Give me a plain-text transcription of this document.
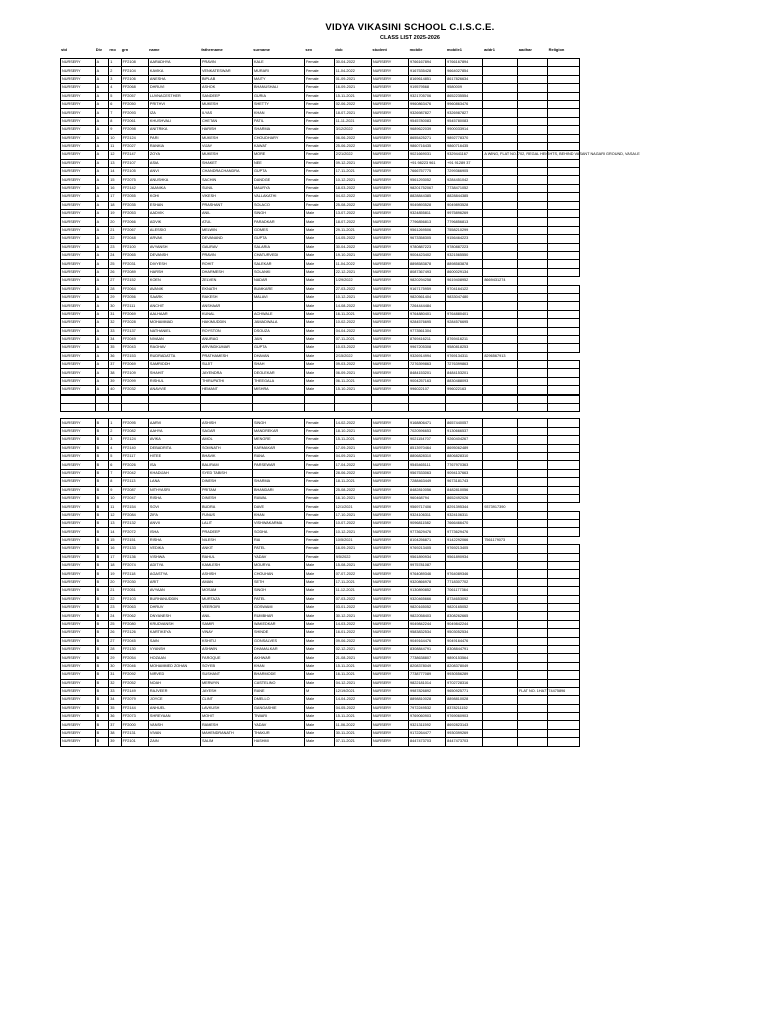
VIDYA VIKASINI SCHOOL C.I.S.C.E.
CLASS LIST 2025-2026
std	Div	rno	grn	name	fathername	surname	sex	dob	student	mobile	mobile1	addr1	aadhar	Religion
NURSERY	A	1	FF2108	AARADHYA	PRAVIN	KALE	Female	30-04-2022	NURSERY	9766167894	9766167894			
NURSERY	A	2	FF2104	KAVIKA	VENKATESWAR	MURARI	Female	11-04-2022	NURSERY	9167535428	9664027854			
NURSERY	A	3	FF2106	ANESHA	BIPLAB	MAITY	Female	01-09-2021	NURSERY	8169614851	8617826634			
NURSERY	A	4	FF2068	DHRUVI	ASHOK	BHANUSHALI	Female	16-09-2021	NURSERY	919579568	9580009			
NURSERY	A	5	FF2057	LUVNACESTHER	SANDEEP	GURIA	Female	15-11-2021	NURSERY	9321705706	8652235554			
NURSERY	A	6	FF2050	PRITHVI	MUKESH	SHETTY	Female	02-06-2022	NURSERY	9960863476	9960863476			
NURSERY	A	7	FF2093	IZA	ILYAS	KHAN	Female	18-07-2021	NURSERY	9326987827	9326987827			
NURSERY	A	8	FF2061	KHUSHVALI	CHETAN	PATIL	Female	11-11-2021	NURSERY	9545780083	9545780083			
NURSERY	A	9	FF2098	ANITRIKA	HARISH	SHARMA	Female	3/12/2022	NURSERY	9689622039	9900033914			
NURSERY	A	10	FF2124	PARI	MUKESH	CHOUDHARY	Female	06-06-2022	NURSERY	8655425271	9892778370			
NURSERY	A	11	FF2027	RANKIA	VIJAY	KAWAT	Female	25-06-2022	NURSERY	9860716435	9860716435			
NURSERY	A	12	FF2147	ZOYA	MUKESH	MORE	Female	2/21/2022	NURSERY	9021669031	9329441167	A WING, FLAT NO. 702, REGAL HEIGHTS, BEHIND VASANT NAGARI GROUND, VASAI-E		
NURSERY	A	13	FF2107	ASIA	SHAKET	NEE	Female	09-12-2021	NURSERY	+91 98223 961	+91 91289 37			
NURSERY	A	14	FF2105	ANVI	CHANDRACHANDRA	GUPTA	Female	17-11-2021	NURSERY	7666757775	7299366905			
NURSERY	A	15	FF2075	ANUSHKA	SACHIN	DANDGE	Female	10-12-2021	NURSERY	9561293052	9284451042			
NURSERY	A	16	FF2142	JAANIKA	SUNIL	MAURYA	Female	18-03-2022	NURSERY	98201752067	7738471052			
NURSERY	A	17	FF2055	KOHI	VIKESH	VALLAKATHI	Female	04-02-2022	NURSERY	8828844385	8828844385			
NURSERY	A	18	FF2035	ESHAN	PRASHANT	SOLACO	Female	25-08-2022	NURSERY	9049893528	9049893528			
NURSERY	A	19	FF2053	AADVIK	ANIL	SINGH	Male	13-07-2022	NURSERY	9324855811	9975896269			
NURSERY	A	20	FF2066	ADVIK	ATUL	PARADKAR	Male	18-07-2022	NURSERY	7796856813	7796856813			
NURSERY	A	21	FF2067	ALESSIO	MELWIN	GOMES	Male	29-11-2021	NURSERY	9561269506	7558210299			
NURSERY	A	22	FF2048	ARVAK	DEVANAND	GUPTA	Male	14-05-2022	NURSERY	9673358305	9156464223			
NURSERY	A	23	FF2100	AVYANSH	GAURAV	SALARIA	Male	30-04-2022	NURSERY	9780887223	9780887223			
NURSERY	A	24	FF2065	DEVANSH	PRAVIN	CHATURVEDI	Male	19-10-2021	NURSERY	9004423402	9321565550			
NURSERY	A	25	FF2031	DIVYESH	ROHIT	SALEKAR	Male	11-04-2022	NURSERY	8898583878	8898583878			
NURSERY	A	26	FF2089	HARSH	DHARMESH	SOLANKI	Male	22-12-2021	NURSERY	8087367493	8600029134			
NURSERY	A	27	FF2152	KOEN	ZELVEN	NADAR	Male	1/29/2022	NURSERY	9820294258	9619408952	8669431274		
NURSERY	A	28	FF2064	AVANIK	EKNATH	BUMKARE	Male	27-03-2022	NURSERY	9167175959	9704164122			
NURSERY	A	29	FF2056	SAARK	RAKESH	MALAVI	Male	10-12-2021	NURSERY	9820561404	9833047480			
NURSERY	A	30	FF2111	ANCHIT	ANSHAAR		Male	14-08-2022	NURSERY	7264444484				
NURSERY	A	31	FF2069	AALHAAR	KUNAL	ACHWALE	Male	16-11-2021	NURSERY	9764880401	9764880401			
NURSERY	A	32	FF2028	MOHAMMAD	HAKIMUDDIN	JAMADWALA	Male	10-02-2022	NURSERY	9284576695	9284576695			
NURSERY	A	33	FF2137	NATHANIEL	ROYSTON	DSOUZA	Male	04-04-2022	NURSERY	9773561304				
NURSERY	A	34	FF2049	NIVAAN	ANURAG	JAIN	Male	07-11-2021	NURSERY	8769416211	8769416211			
NURSERY	A	35	FF2043	RAGHAV	ARVINDKUMAR	GUPTA	Male	10-03-2022	NURSERY	9967205308	9580818253			
NURSERY	A	36	FF2153	RUDRADATTA	PRATHAMESH	DHAVAN	Male	2/15/2022	NURSERY	9326914994	9769134311	8296567913		
NURSERY	A	37	FF2069	SAMRIDDH	SUJIT	SHAH	Male	09-03-2022	NURSERY	7276399863	7276399863			
NURSERY	A	38	FF2109	SHAHIT	JAYENDRA	DEOLEKAR	Male	06-09-2021	NURSERY	8484153201	8484153201			
NURSERY	A	39	FF2099	RISHUL	THIRUPATHI	THEEGALA	Male	06-11-2021	NURSERY	9004257163	8830488093			
NURSERY	A	40	FF2032	ANAVVIE	HEMANT	MISHRA	Male	15-10-2021	NURSERY	996022107	996022163			

NURSERY	B	1	FF2095	AARVI	ASHISH	SINGH	Female	14-02-2022	NURSERY	9168806471	8657440057			
NURSERY	B	2	FF2082	AAHYA	SAGAR	MANDREKAR	Female	18-10-2021	NURSERY	7020596653	9130666537			
NURSERY	B	3	FF2124	AVIKA	AMOL	MENGRE	Female	15-11-2021	NURSERY	9021154707	9260404267			
NURSERY	B	4	FF2140	DEBADRITA	SOMNATH	KARMAKAR	Female	17-09-2021	NURSERY	8513970464	8695062489			
NURSERY	B	5	FF2117	HITEE	BHAVIK	RANA	Female	04-09-2021	NURSERY	8806828310	8806828310			
NURSERY	B	6	FF2026	ISA	BALIRAM	PARSEWAR	Female	17-04-2022	NURSERY	9545465111	7767970363			
NURSERY	B	7	FF2042	KHADIJAH	SYED TABISH		Female	28-06-2022	NURSERY	9567533063	9094137663			
NURSERY	B	8	FF2113	LANA	DINESH	SHARMA	Female	18-11-2021	NURSERY	7288463449	9673181743			
NURSERY	B	9	FF2087	NITHYASRI	PRITAM	BHANDARI	Female	25-08-2022	NURSERY	8482810056	8482810056			
NURSERY	B	10	FF2047	RISHA	DINESH	RAWAL	Female	16-10-2021	NURSERY	960468794	8652492026			
NURSERY	B	11	FF2154	SOVI	BUDRA	DAVE	Female	12/1/2021	NURSERY	9569717406	8291395344	9373917390		
NURSERY	B	12	FF2084	ZIFA	FUNUS	KHAN	Female	17-10-2021	NURSERY	9324106311	9324106311			
NURSERY	B	13	FF2132	ANVII	LALIT	VISHWAKARMA	Female	10-07-2022	NURSERY	9096811582	7666466470			
NURSERY	B	14	FF2072	ISHA	PRADEEP	SODHA	Female	10-12-2021	NURSERY	9773629476	9773629476			
NURSERY	B	15	FF2151	RISHA	NILESH	RAI	Female	10/5/2021	NURSERY	8104256871	9142292066	7561179073		
NURSERY	B	16	FF2133	VEDIKA	ANKIT	PATEL	Female	16-09-2021	NURSERY	9769213405	9769213405			
NURSERY	B	17	FF2136	VISHWA	RAHUL	YADAV	Female	9/5/2022	NURSERY	9561890934	9561890934			
NURSERY	B	18	FF2074	ADITYA	KAMLESH	MOURYA	Male	15-08-2021	NURSERY	9975781087				
NURSERY	B	19	FF2118	AGASTYA	ASHISH	CHOUHAN	Male	07-07-2022	NURSERY	9764089346	9764089346			
NURSERY	B	20	FF2030	ARIT	AMAN	SETH	Male	17-11-2021	NURSERY	9320866978	7718307702			
NURSERY	B	21	FF2051	AVYAAN	MOSAM	SINGH	Male	11-12-2021	NURSERY	9130890852	7061177364			
NURSERY	B	22	FF2103	BURHANUDDIN	MURTAZA	PATEL	Male	07-03-2022	NURSERY	9320465666	8734653092			
NURSERY	B	23	FF2063	DHRUV	VEERGIRI	GOSWAMI	Male	03-01-2022	NURSERY	9820165052	9820165052			
NURSERY	B	24	FF2062	DNYANESH	ANIL	RUMBHAR	Male	30-12-2021	NURSERY	9822058403	8308262665			
NURSERY	B	25	FF2080	KRUDVANSH	SAMIR	WAKEDKAR	Male	14-03-2022	NURSERY	9049842244	9049842244			
NURSERY	B	26	FF2126	KARTIKEYA	VINAY	SHINDE	Male	16-01-2022	NURSERY	9583832534	9503052534			
NURSERY	B	27	FF2045	SAIN	KSHITIJ	GONSALVES	Male	09-06-2022	NURSERY	9049164476	9049164476			
NURSERY	B	28	FF2130	VYANSH	ASHWIN	DHAMALKAR	Male	02-12-2021	NURSERY	8308844791	8308844791			
NURSERY	B	29	FF2054	HOZAAN	FAROQUE	AKHWAR	Male	21-08-2021	NURSERY	7738638807	9890153564			
NURSERY	B	30	FF2046	MOHAMMED ZOHAN	SOYEB	KHAN	Male	15-11-2021	NURSERY	8208378049	8208378049			
NURSERY	B	31	FF2092	NIRVED	SUSHANT	BHARMODE	Male	16-11-2021	NURSERY	7738777089	9930556289			
NURSERY	B	32	FF2052	NOAH	MERWYN	CASTELINO	Male	04-12-2021	NURSERY	9822181014	9702728316			
NURSERY	B	33	FF2149	RAJVEER	JAYESH	RANE	M	12/19/2021	NURSERY	9987826892	9650925771		FLAT NO. 1HA7774475896	
NURSERY	B	34	FF2079	JOYCE	CLINT	DMELLO	Male	14-04-2022	NURSERY	8898810028	8898810028			
NURSERY	B	35	FF2144	ANHUEL	LAVKUSH	GANGASHIE	Male	04-05-2022	NURSERY	7972249532	8378211152			
NURSERY	B	36	FF2073	SHREYAAN	MOHIT	TIWARI	Male	15-11-2021	NURSERY	9769060903	9769060903			
NURSERY	B	37	FF2000	VANSH	RAMESH	YADAV	Male	11-06-2022	NURSERY	9321311592	8692823143			
NURSERY	B	38	FF2131	VIVAN	MAHENDRANATH	THAKUR	Male	30-11-2021	NURSERY	9172264477	9930399269			
NURSERY	B	39	FF2101	ZAIN	SALIM	HASHMI	Male	07-11-2021	NURSERY	8447473703	8447473703			
